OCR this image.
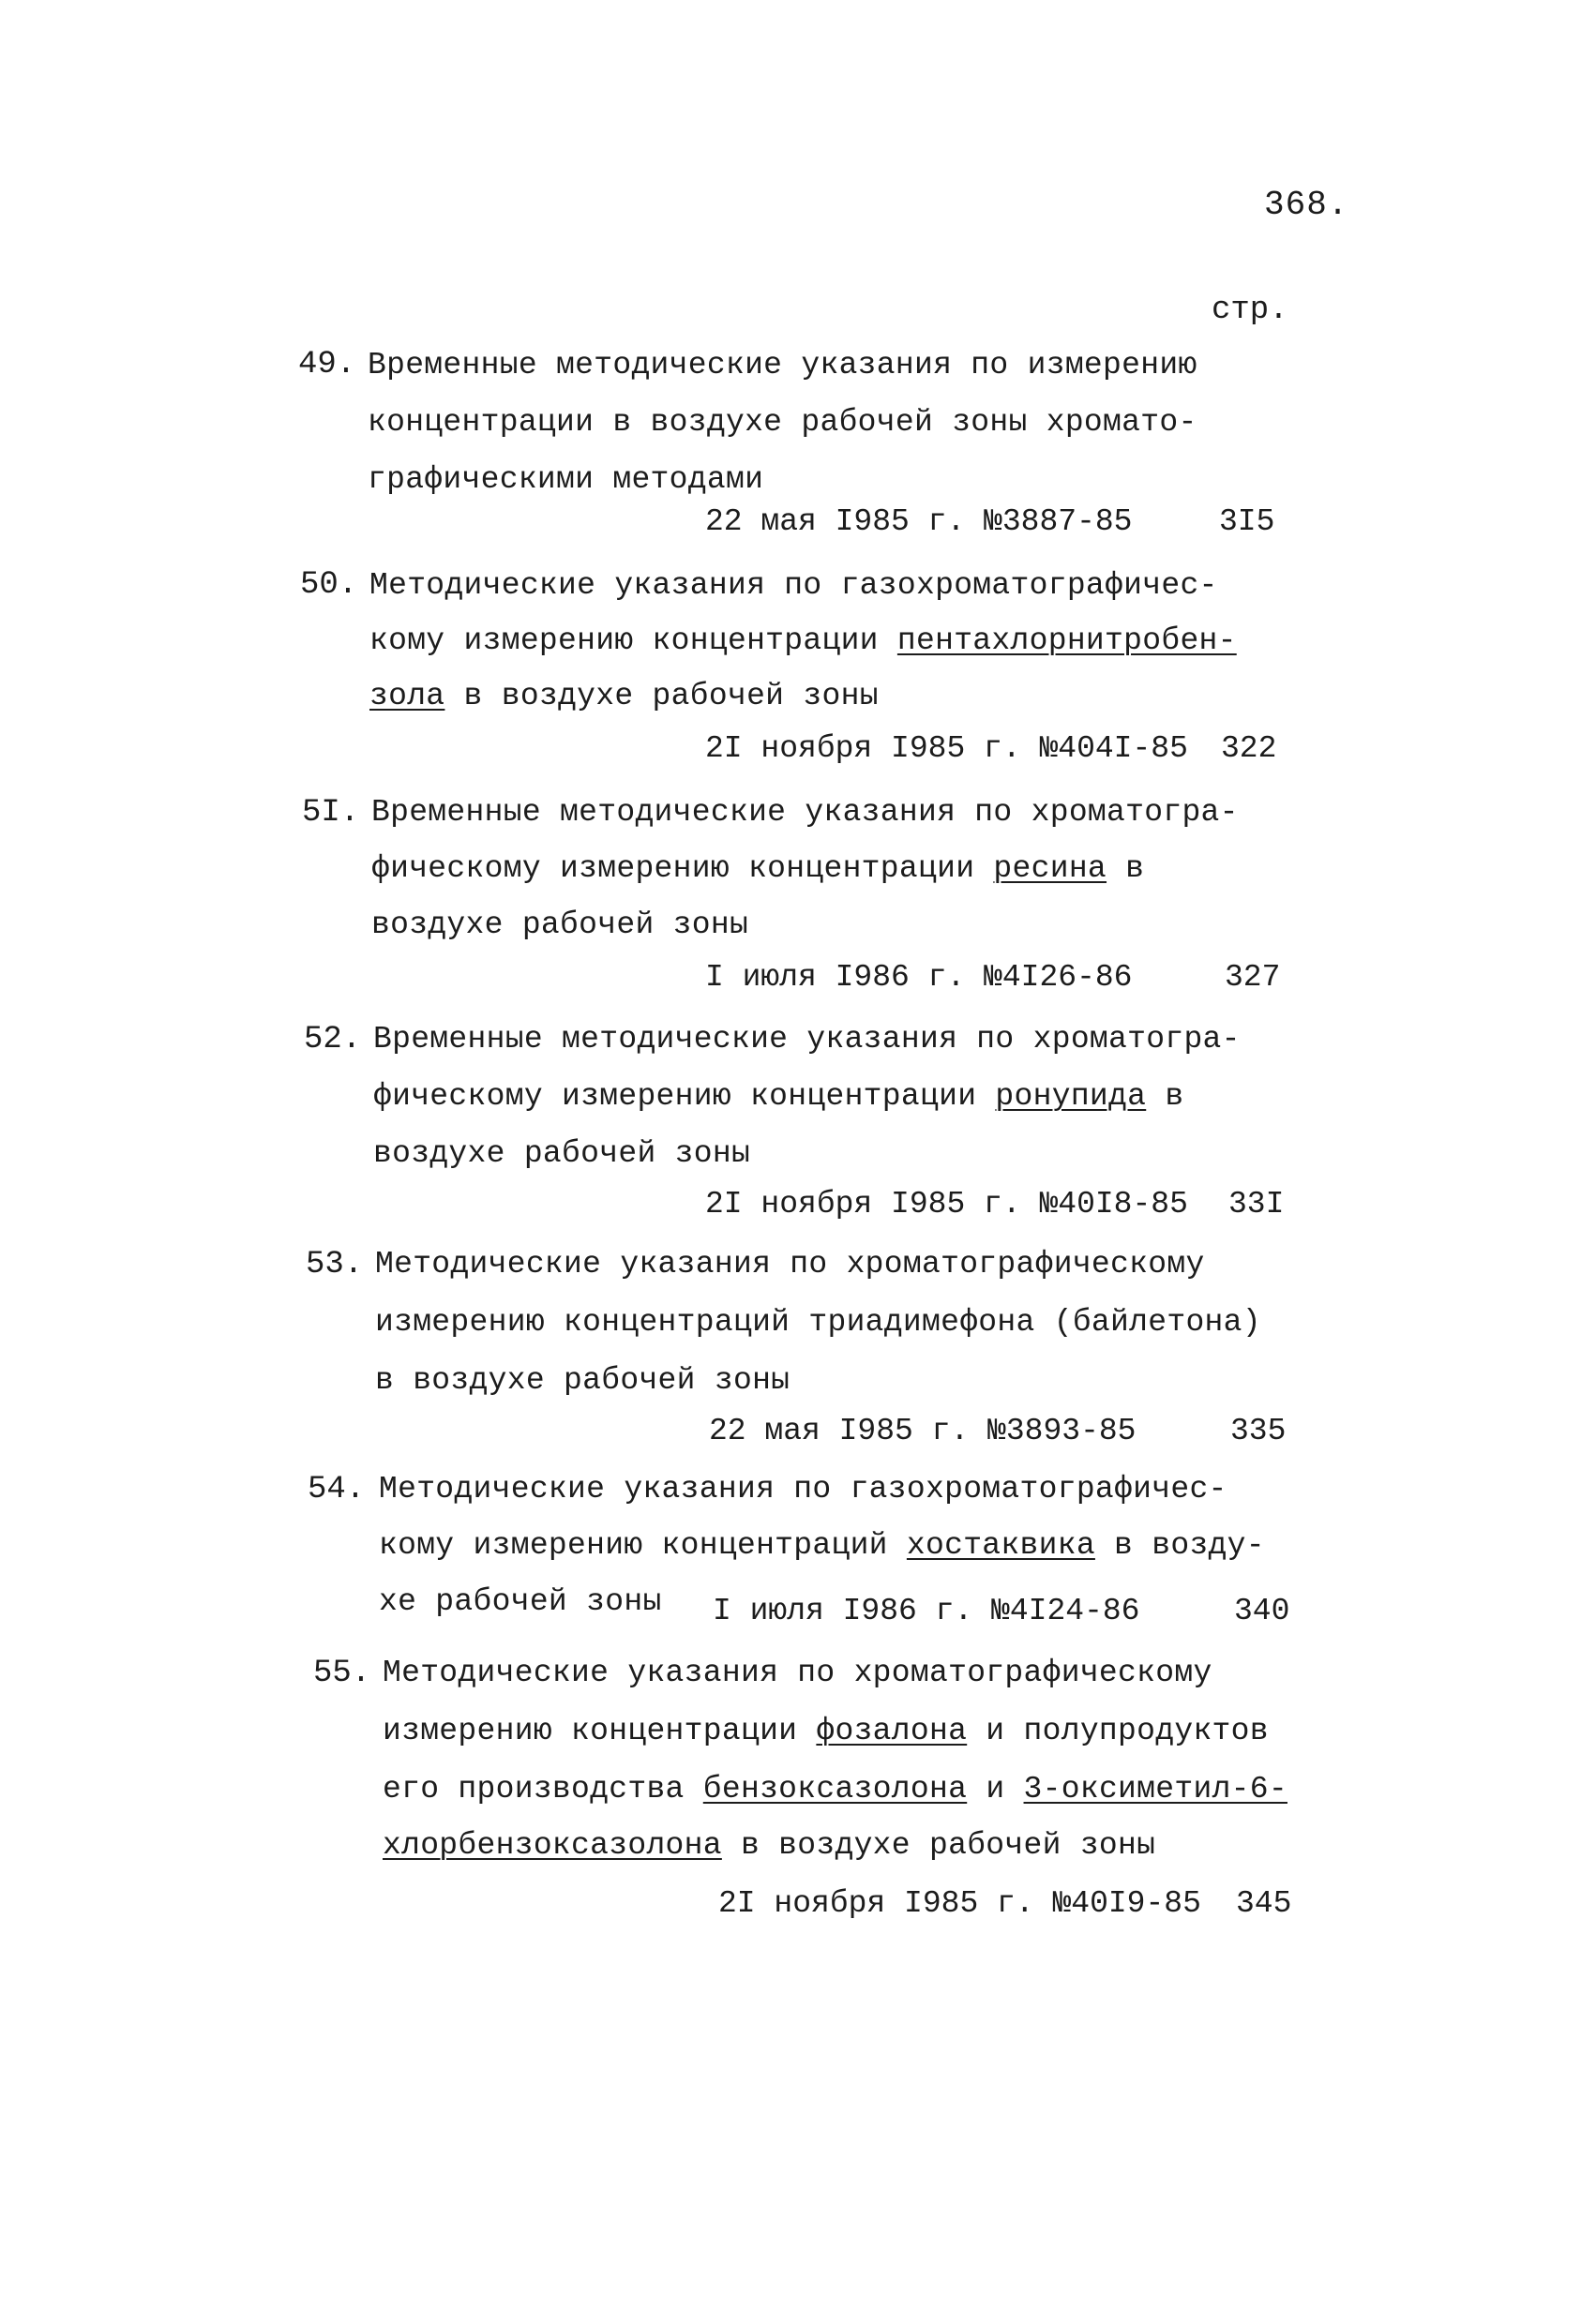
368.
стр.
49. Временные методические указания по измерению
концентрации в воздухе рабочей зоны хромато-
графическими методами
22 мая I985 г. №3887-85	3I5
50. Методические указания по газохроматографичес-
кому измерению концентрации пентахлорнитробен-
зола в воздухе рабочей зоны
2I ноября I985 г. №404I-85 322
5I. Временные методические указания по хроматогра-
фическому измерению концентрации ресина в
воздухе рабочей зоны
I июля I986 г. №4I26-86	327
52. Временные методические указания по хроматогра-
фическому измерению концентрации ронупида в
воздухе рабочей зоны
2I ноября I985 г. №40I8-85 33I
53. Методические указания по хроматографическому
измерению концентраций триадимефона (байлетона)
в воздухе рабочей зоны
22 мая I985 г. №3893-85	335
54. Методические указания по газохроматографичес-
кому измерению концентраций хостаквика в возду-
хе рабочей зоны I июля I986 г. №4I24-86	340
55. Методические указания по хроматографическому
измерению концентрации фозалона и полупродуктов
его производства бензоксазолона и 3-оксиметил-6-
хлорбензоксазолона в воздухе рабочей зоны
2I ноября I985 г. №40I9-85 345
